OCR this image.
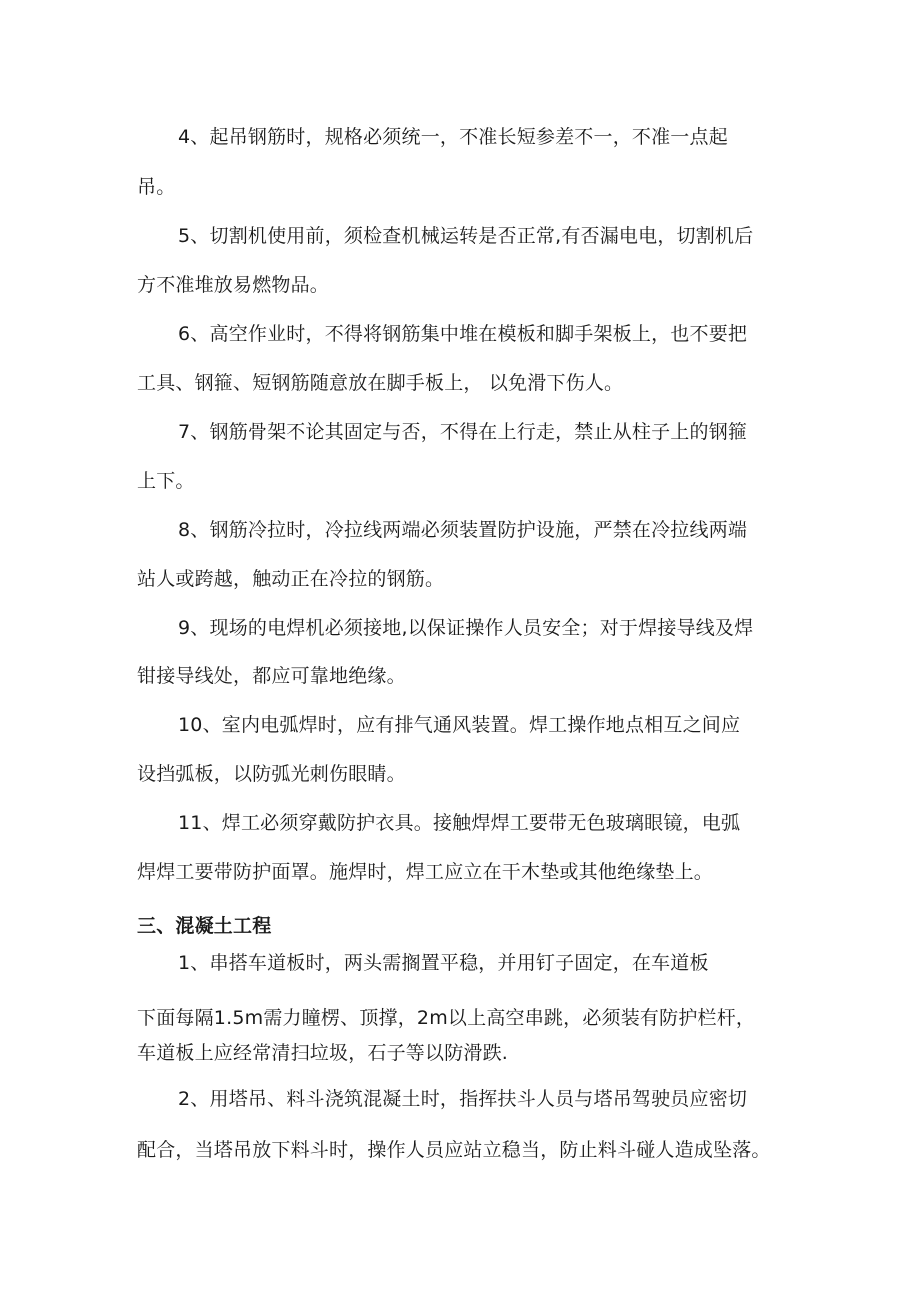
4、起吊钢筋时，规格必须统一，不准长短参差不一，不准一点起
吊。
5、切割机使用前，须检查机械运转是否正常,有否漏电电，切割机后
方不准堆放易燃物品。
6、高空作业时，不得将钢筋集中堆在模板和脚手架板上，也不要把
工具、钢箍、短钢筋随意放在脚手板上， 以免滑下伤人。
7、钢筋骨架不论其固定与否，不得在上行走，禁止从柱子上的钢箍
上下。
8、钢筋冷拉时，冷拉线两端必须装置防护设施，严禁在冷拉线两端
站人或跨越，触动正在冷拉的钢筋。
9、现场的电焊机必须接地,以保证操作人员安全；对于焊接导线及焊
钳接导线处，都应可靠地绝缘。
10、室内电弧焊时，应有排气通风装置。焊工操作地点相互之间应
设挡弧板，以防弧光刺伤眼睛。
11、焊工必须穿戴防护衣具。接触焊焊工要带无色玻璃眼镜，电弧
焊焊工要带防护面罩。施焊时，焊工应立在干木垫或其他绝缘垫上。
三、混凝土工程
1、串搭车道板时，两头需搁置平稳，并用钉子固定，在车道板
下面每隔1.5m需力瞳楞、顶撑，2m以上高空串跳，必须装有防护栏杆，
车道板上应经常清扫垃圾，石子等以防滑跌.
2、用塔吊、料斗浇筑混凝土时，指挥扶斗人员与塔吊驾驶员应密切
配合，当塔吊放下料斗时，操作人员应站立稳当，防止料斗碰人造成坠落。
